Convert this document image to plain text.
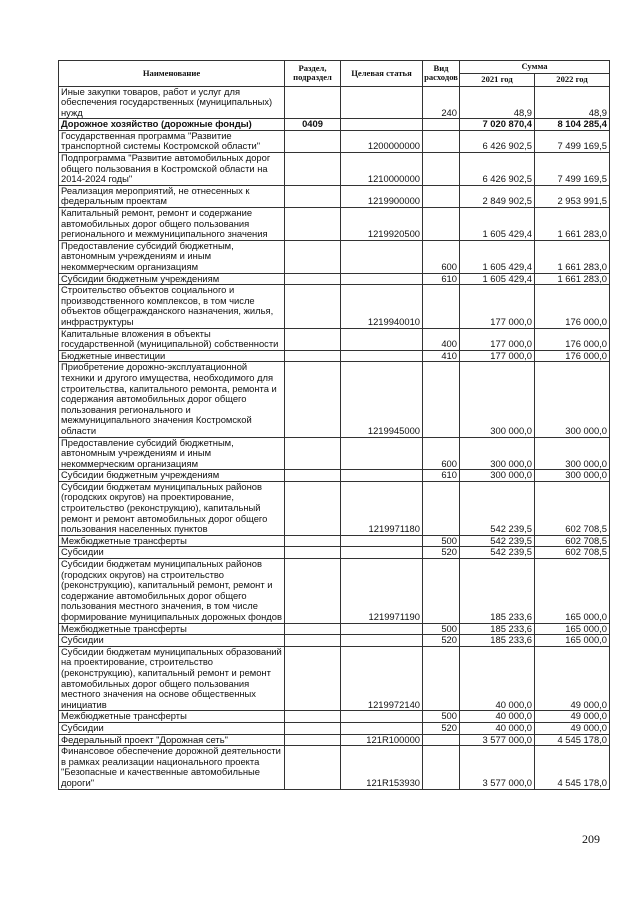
Наименование	Раздел, подраздел	Целевая статья	Вид расходов	Сумма	
				2021 год	2022 год
Иные закупки товаров, работ и услуг для обеспечения государственных (муниципальных) нужд			240	48,9	48,9
Дорожное хозяйство (дорожные фонды)	0409			7 020 870,4	8 104 285,4
Государственная программа "Развитие транспортной системы Костромской области"		1200000000		6 426 902,5	7 499 169,5
Подпрограмма "Развитие автомобильных дорог общего пользования в Костромской области на 2014-2024 годы"		1210000000		6 426 902,5	7 499 169,5
Реализация мероприятий, не отнесенных к федеральным проектам		1219900000		2 849 902,5	2 953 991,5
Капитальный ремонт, ремонт и содержание автомобильных дорог общего пользования регионального и межмуниципального значения		1219920500		1 605 429,4	1 661 283,0
Предоставление субсидий бюджетным, автономным учреждениям и иным некоммерческим организациям			600	1 605 429,4	1 661 283,0
Субсидии бюджетным учреждениям			610	1 605 429,4	1 661 283,0
Строительство объектов социального и производственного комплексов, в том числе объектов общегражданского назначения, жилья, инфраструктуры		1219940010		177 000,0	176 000,0
Капитальные вложения в объекты государственной (муниципальной) собственности			400	177 000,0	176 000,0
Бюджетные инвестиции			410	177 000,0	176 000,0
Приобретение дорожно-эксплуатационной техники и другого имущества, необходимого для строительства, капитального ремонта, ремонта и содержания автомобильных дорог общего пользования регионального и межмуниципального значения Костромской области		1219945000		300 000,0	300 000,0
Предоставление субсидий бюджетным, автономным учреждениям и иным некоммерческим организациям			600	300 000,0	300 000,0
Субсидии бюджетным учреждениям			610	300 000,0	300 000,0
Субсидии бюджетам муниципальных районов (городских округов) на проектирование, строительство (реконструкцию), капитальный ремонт и ремонт автомобильных дорог общего пользования населенных пунктов		1219971180		542 239,5	602 708,5
Межбюджетные трансферты			500	542 239,5	602 708,5
Субсидии			520	542 239,5	602 708,5
Субсидии бюджетам муниципальных районов (городских округов) на строительство (реконструкцию), капитальный ремонт, ремонт и содержание автомобильных дорог общего пользования местного значения, в том числе формирование муниципальных дорожных фондов		1219971190		185 233,6	165 000,0
Межбюджетные трансферты			500	185 233,6	165 000,0
Субсидии			520	185 233,6	165 000,0
Субсидии бюджетам муниципальных образований на проектирование, строительство (реконструкцию), капитальный ремонт и ремонт автомобильных дорог общего пользования местного значения на основе общественных инициатив		1219972140		40 000,0	49 000,0
Межбюджетные трансферты			500	40 000,0	49 000,0
Субсидии			520	40 000,0	49 000,0
Федеральный проект "Дорожная сеть"		121R100000		3 577 000,0	4 545 178,0
Финансовое обеспечение дорожной деятельности в рамках реализации национального проекта "Безопасные и качественные автомобильные дороги"		121R153930		3 577 000,0	4 545 178,0
209
